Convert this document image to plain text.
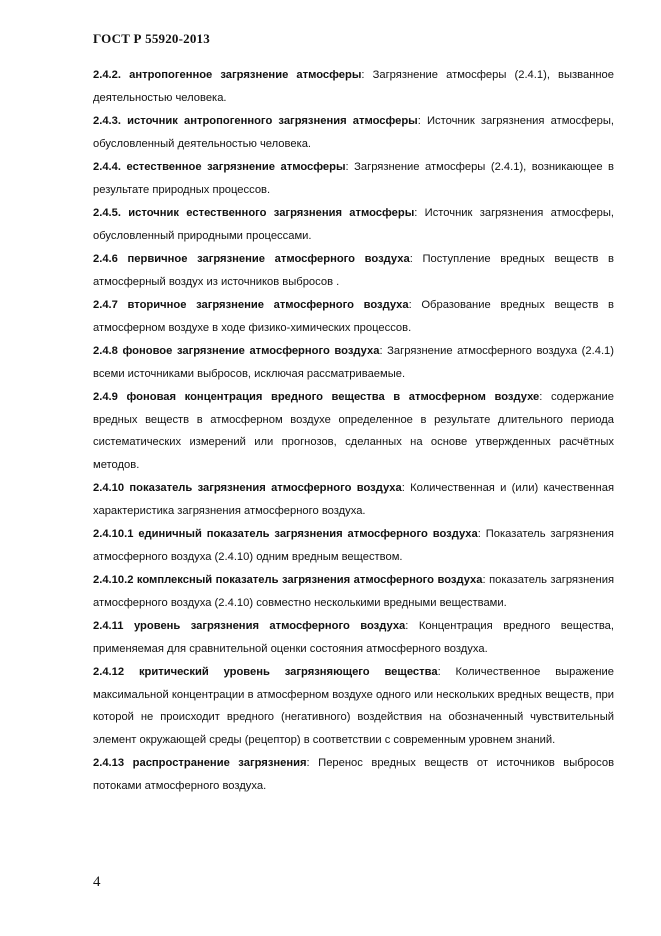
ГОСТ Р 55920-2013

2.4.2. антропогенное загрязнение атмосферы: Загрязнение атмосферы (2.4.1), вызванное деятельностью человека.

2.4.3. источник антропогенного загрязнения атмосферы: Источник загрязнения атмосферы, обусловленный деятельностью человека.

2.4.4. естественное загрязнение атмосферы: Загрязнение атмосферы (2.4.1), возникающее в результате природных процессов.

2.4.5. источник естественного загрязнения атмосферы: Источник загрязнения атмосферы, обусловленный природными процессами.

2.4.6 первичное загрязнение атмосферного воздуха: Поступление вредных веществ в атмосферный воздух из источников выбросов .

2.4.7 вторичное загрязнение атмосферного воздуха: Образование вредных веществ в атмосферном воздухе в ходе физико-химических процессов.

2.4.8 фоновое загрязнение атмосферного воздуха: Загрязнение атмосферного воздуха (2.4.1) всеми источниками выбросов, исключая рассматриваемые.

2.4.9 фоновая концентрация вредного вещества в атмосферном воздухе: содержание вредных веществ в атмосферном воздухе определенное в результате длительного периода систематических измерений или прогнозов, сделанных на основе утвержденных расчётных методов.

2.4.10 показатель загрязнения атмосферного воздуха: Количественная и (или) качественная характеристика загрязнения атмосферного воздуха.

2.4.10.1 единичный показатель загрязнения атмосферного воздуха: Показатель загрязнения атмосферного воздуха (2.4.10) одним вредным веществом.

2.4.10.2 комплексный показатель загрязнения атмосферного воздуха: показатель загрязнения атмосферного воздуха (2.4.10) совместно несколькими вредными веществами.

2.4.11 уровень загрязнения атмосферного воздуха: Концентрация вредного вещества, применяемая для сравнительной оценки состояния атмосферного воздуха.

2.4.12 критический уровень загрязняющего вещества: Количественное выражение максимальной концентрации в атмосферном воздухе одного или нескольких вредных веществ, при которой не происходит вредного (негативного) воздействия на обозначенный чувствительный элемент окружающей среды (рецептор) в соответствии с современным уровнем знаний.

2.4.13 распространение загрязнения: Перенос вредных веществ от источников выбросов потоками атмосферного воздуха.

4
